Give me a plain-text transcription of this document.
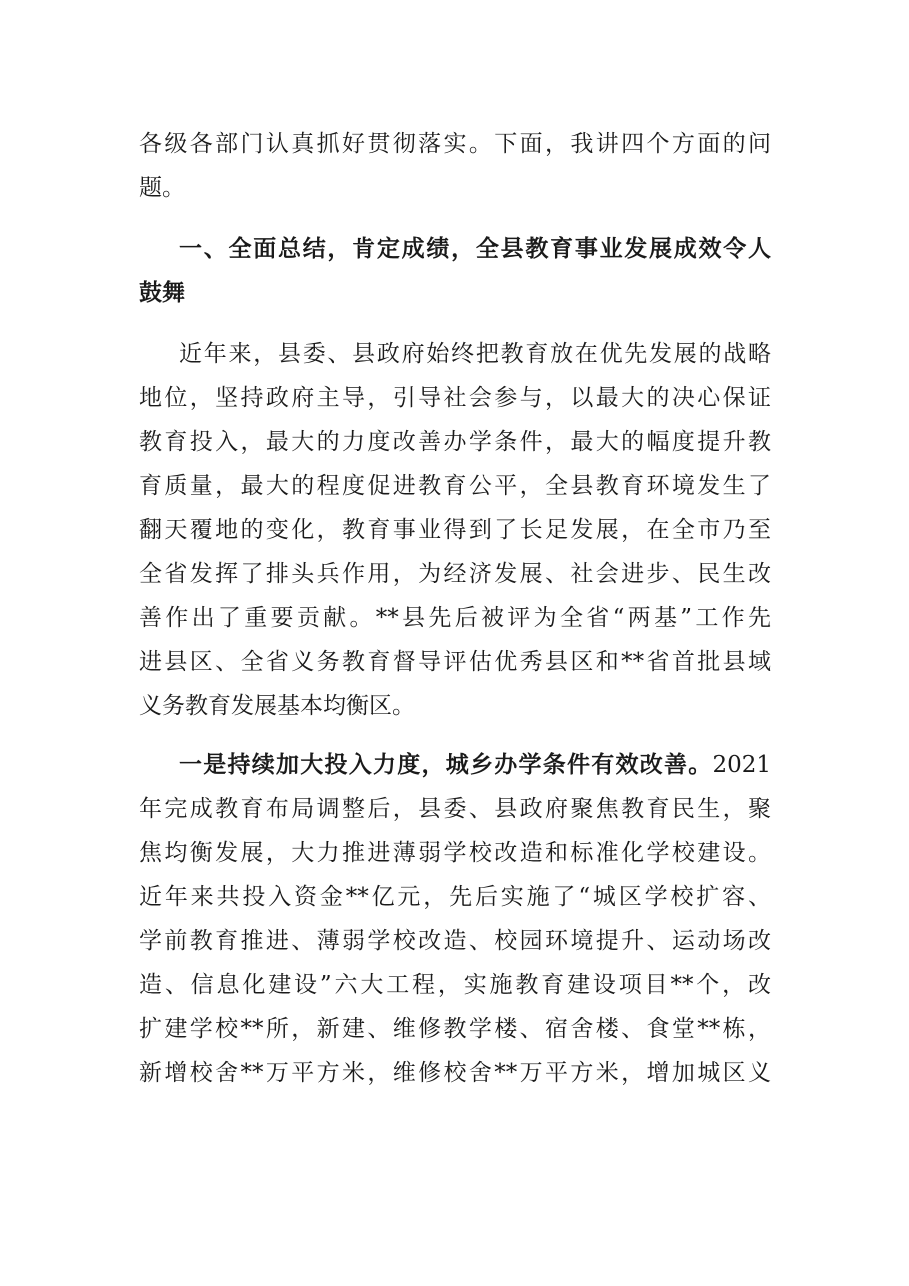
各级各部门认真抓好贯彻落实。下面，我讲四个方面的问
题。
一、全面总结，肯定成绩，全县教育事业发展成效令人
鼓舞
近年来，县委、县政府始终把教育放在优先发展的战略
地位，坚持政府主导，引导社会参与，以最大的决心保证
教育投入，最大的力度改善办学条件，最大的幅度提升教
育质量，最大的程度促进教育公平，全县教育环境发生了
翻天覆地的变化，教育事业得到了长足发展，在全市乃至
全省发挥了排头兵作用，为经济发展、社会进步、民生改
善作出了重要贡献。**县先后被评为全省“两基”工作先
进县区、全省义务教育督导评估优秀县区和**省首批县域
义务教育发展基本均衡区。
一是持续加大投入力度，城乡办学条件有效改善。2021
年完成教育布局调整后，县委、县政府聚焦教育民生，聚
焦均衡发展，大力推进薄弱学校改造和标准化学校建设。
近年来共投入资金**亿元，先后实施了“城区学校扩容、
学前教育推进、薄弱学校改造、校园环境提升、运动场改
造、信息化建设”六大工程，实施教育建设项目**个，改
扩建学校**所，新建、维修教学楼、宿舍楼、食堂**栋，
新增校舍**万平方米，维修校舍**万平方米，增加城区义
